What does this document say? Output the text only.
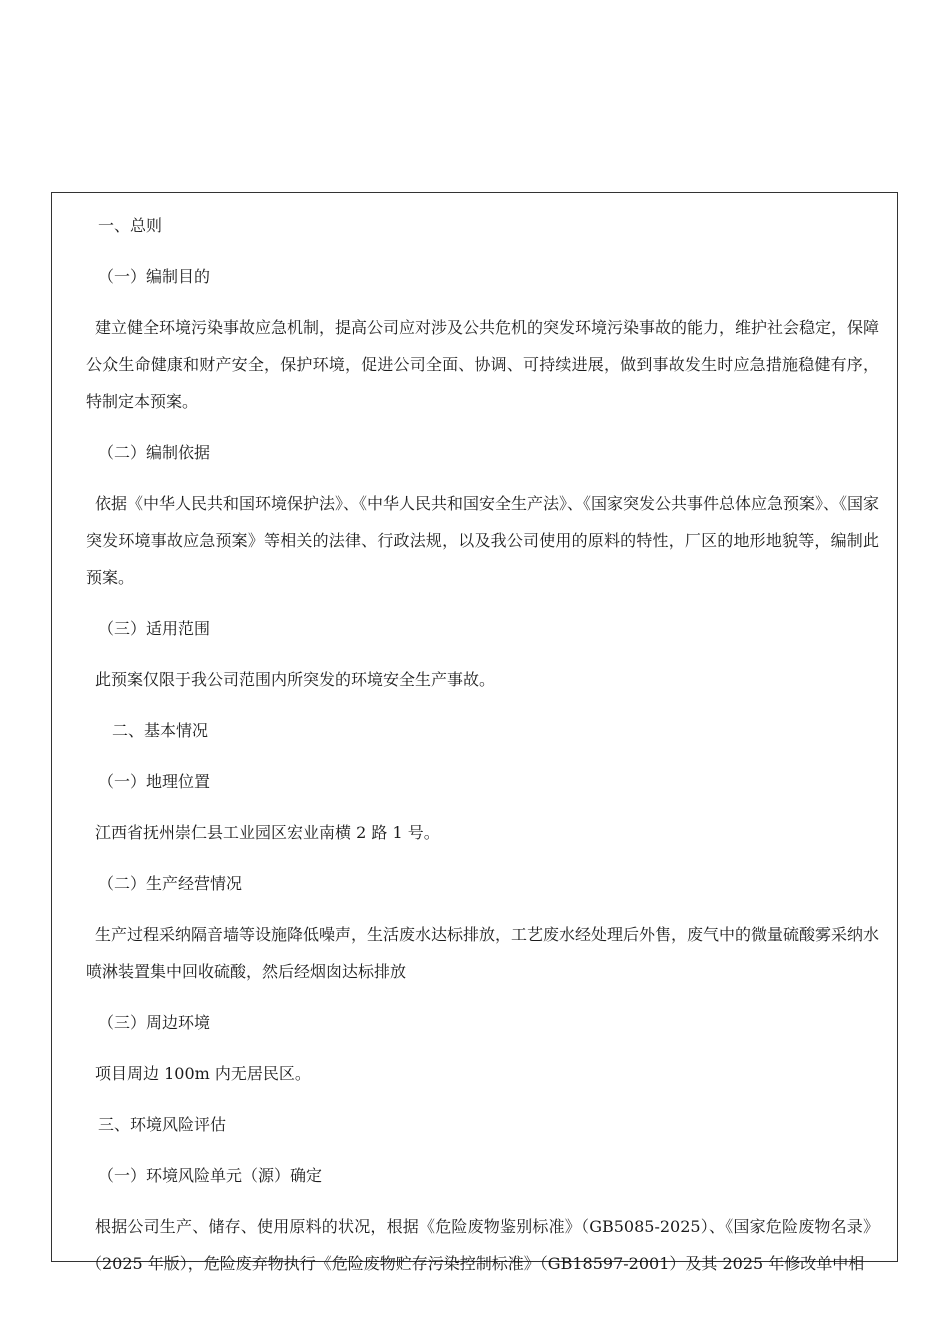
一、总则

（一）编制目的

建立健全环境污染事故应急机制，提高公司应对涉及公共危机的突发环境污染事故的能力，维护社会稳定，保障公众生命健康和财产安全，保护环境，促进公司全面、协调、可持续进展，做到事故发生时应急措施稳健有序，特制定本预案。

（二）编制依据

依据《中华人民共和国环境保护法》、《中华人民共和国安全生产法》、《国家突发公共事件总体应急预案》、《国家突发环境事故应急预案》等相关的法律、行政法规，以及我公司使用的原料的特性，厂区的地形地貌等，编制此预案。

（三）适用范围

此预案仅限于我公司范围内所突发的环境安全生产事故。

二、基本情况

（一）地理位置

江西省抚州崇仁县工业园区宏业南横 2 路 1 号。

（二）生产经营情况

生产过程采纳隔音墙等设施降低噪声，生活废水达标排放，工艺废水经处理后外售，废气中的微量硫酸雾采纳水喷淋装置集中回收硫酸，然后经烟囱达标排放

（三）周边环境

项目周边 100m 内无居民区。

三、环境风险评估

（一）环境风险单元（源）确定

根据公司生产、储存、使用原料的状况，根据《危险废物鉴别标准》（GB5085-2025）、《国家危险废物名录》（2025 年版），危险废弃物执行《危险废物贮存污染控制标准》（GB18597-2001）及其 2025 年修改单中相
